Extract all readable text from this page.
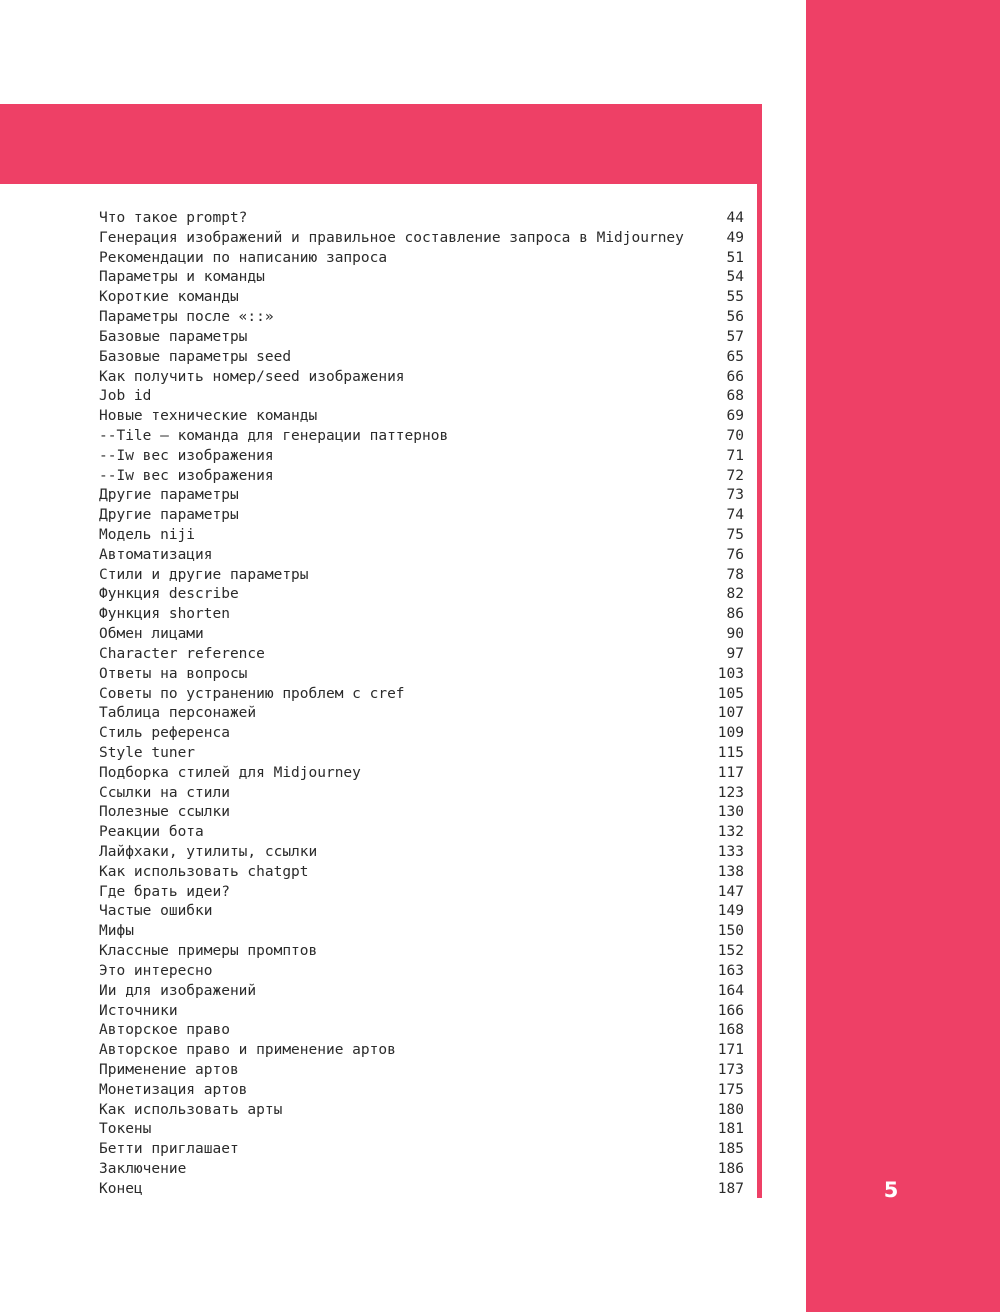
5
Что такое prompt?	44
Генерация изображений и правильное составление запроса в Midjourney	49
Рекомендации по написанию запроса	51
Параметры и команды	54
Короткие команды	55
Параметры после «::»	56
Базовые параметры	57
Базовые параметры seed	65
Как получить номер/seed изображения	66
Job id	68
Новые технические команды	69
--Tile — команда для генерации паттернов	70
--Iw вес изображения	71
--Iw вес изображения	72
Другие параметры	73
Другие параметры	74
Модель niji	75
Автоматизация	76
Стили и другие параметры	78
Функция describe	82
Функция shorten	86
Обмен лицами	90
Character reference	97
Ответы на вопросы	103
Советы по устранению проблем с cref	105
Таблица персонажей	107
Стиль референса	109
Style tuner	115
Подборка стилей для Midjourney	117
Ссылки на стили	123
Полезные ссылки	130
Реакции бота	132
Лайфхаки, утилиты, ссылки	133
Как использовать chatgpt	138
Где брать идеи?	147
Частые ошибки	149
Мифы	150
Классные примеры промптов	152
Это интересно	163
Ии для изображений	164
Источники	166
Авторское право	168
Авторское право и применение артов	171
Применение артов	173
Монетизация артов	175
Как использовать арты	180
Токены	181
Бетти приглашает	185
Заключение	186
Конец	187
